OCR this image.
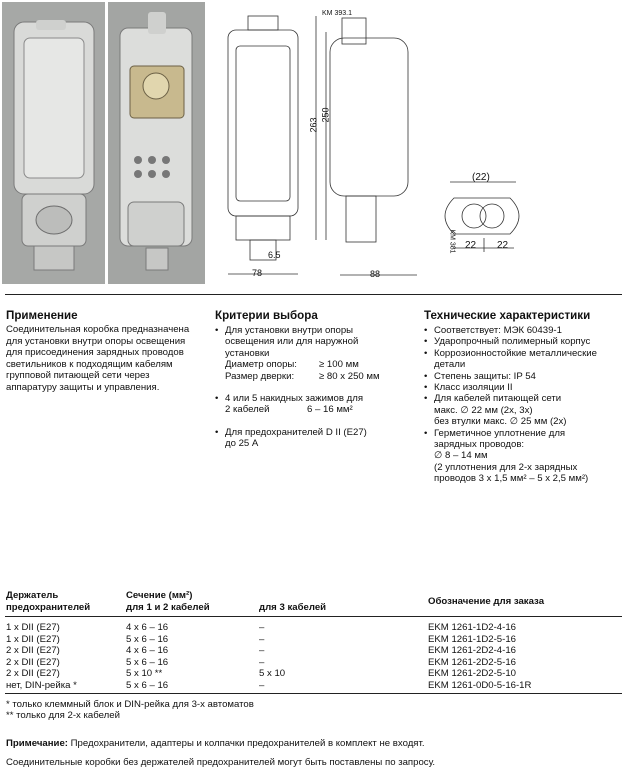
KM 393.1
263
250
78	88
6.5
(22)
22 22
KM 381
Применение

Соединительная коробка предназначена

для установки внутри опоры освещения

для присоединения зарядных проводов

светильников к подходящим кабелям

групповой питающей сети через

аппаратуру защиты и управления.

Критерии выбора
• Для установки внутри опоры
освещения или для наружной
установки
Диаметр опоры: ≥ 100 мм
Размер дверки:	≥ 80 x 250 мм
• 4 или 5 накидных зажимов для
2 кабелей	6 – 16 мм²
• Для предохранителей D II (E27)
до 25 A
Технические характеристики
• Соответствует: МЭК 60439-1
• Ударопрочный полимерный корпус
• Коррозионностойкие металлические
детали
• Степень защиты: IP 54
• Класс изоляции II
• Для кабелей питающей сети
макс. ∅ 22 мм (2x, 3x)
без втулки макс. ∅ 25 мм (2x)
• Герметичное уплотнение для
зарядных проводов:
∅ 8 – 14 мм
(2 уплотнения для 2-х зарядных
проводов 3 x 1,5 мм² – 5 x 2,5 мм²)
Держатель
предохранителей
Сечение (мм²)
для 1 и 2 кабелей	для 3 кабелей
Обозначение для заказа
1 x DII (E27)	4 x 6 – 16	–	EKM 1261-1D2-4-16
1 x DII (E27)	5 x 6 – 16	–	EKM 1261-1D2-5-16
2 x DII (E27)	4 x 6 – 16	–	EKM 1261-2D2-4-16
2 x DII (E27)	5 x 6 – 16	–	EKM 1261-2D2-5-16
2 x DII (E27)	5 x 10 **	5 x 10	EKM 1261-2D2-5-10
нет, DIN-рейка *	5 x 6 – 16	–	EKM 1261-0D0-5-16-1R
* только клеммный блок и DIN-рейка для 3-х автоматов
** только для 2-х кабелей
Примечание: Предохранители, адаптеры и колпачки предохранителей в комплект не входят.
Соединительные коробки без держателей предохранителей могут быть поставлены по запросу.
